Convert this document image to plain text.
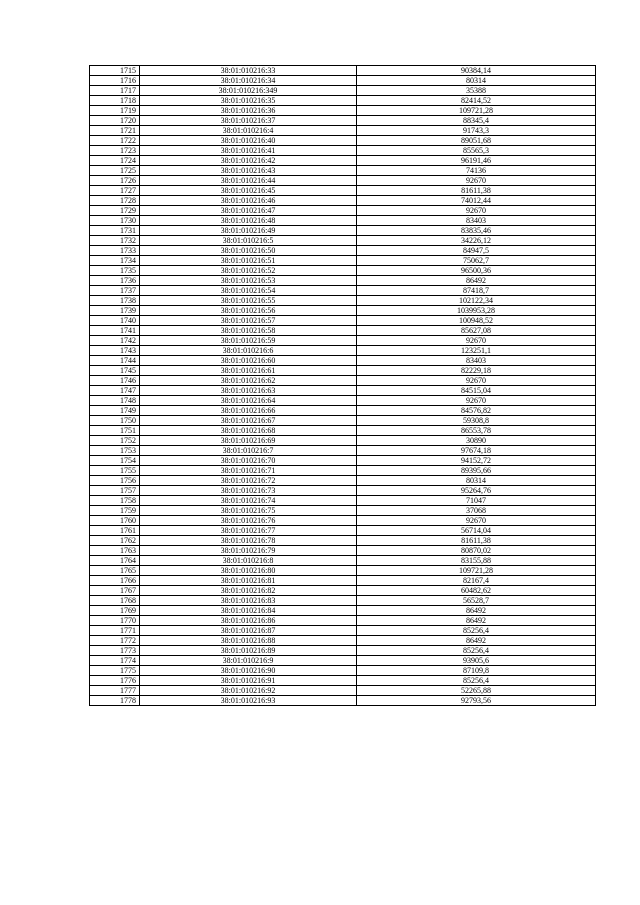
1715	38:01:010216:33	90384,14
1716	38:01:010216:34	80314
1717	38:01:010216:349	35388
1718	38:01:010216:35	82414,52
1719	38:01:010216:36	109721,28
1720	38:01:010216:37	88345,4
1721	38:01:010216:4	91743,3
1722	38:01:010216:40	89051,68
1723	38:01:010216:41	85565,3
1724	38:01:010216:42	96191,46
1725	38:01:010216:43	74136
1726	38:01:010216:44	92670
1727	38:01:010216:45	81611,38
1728	38:01:010216:46	74012,44
1729	38:01:010216:47	92670
1730	38:01:010216:48	83403
1731	38:01:010216:49	83835,46
1732	38:01:010216:5	34226,12
1733	38:01:010216:50	84947,5
1734	38:01:010216:51	75062,7
1735	38:01:010216:52	96500,36
1736	38:01:010216:53	86492
1737	38:01:010216:54	87418,7
1738	38:01:010216:55	102122,34
1739	38:01:010216:56	1039953,28
1740	38:01:010216:57	100948,52
1741	38:01:010216:58	85627,08
1742	38:01:010216:59	92670
1743	38:01:010216:6	123251,1
1744	38:01:010216:60	83403
1745	38:01:010216:61	82229,18
1746	38:01:010216:62	92670
1747	38:01:010216:63	84515,04
1748	38:01:010216:64	92670
1749	38:01:010216:66	84576,82
1750	38:01:010216:67	59308,8
1751	38:01:010216:68	86553,78
1752	38:01:010216:69	30890
1753	38:01:010216:7	97674,18
1754	38:01:010216:70	94152,72
1755	38:01:010216:71	89395,66
1756	38:01:010216:72	80314
1757	38:01:010216:73	95264,76
1758	38:01:010216:74	71047
1759	38:01:010216:75	37068
1760	38:01:010216:76	92670
1761	38:01:010216:77	56714,04
1762	38:01:010216:78	81611,38
1763	38:01:010216:79	80870,02
1764	38:01:010216:8	83155,88
1765	38:01:010216:80	109721,28
1766	38:01:010216:81	82167,4
1767	38:01:010216:82	60482,62
1768	38:01:010216:83	56528,7
1769	38:01:010216:84	86492
1770	38:01:010216:86	86492
1771	38:01:010216:87	85256,4
1772	38:01:010216:88	86492
1773	38:01:010216:89	85256,4
1774	38:01:010216:9	93905,6
1775	38:01:010216:90	87109,8
1776	38:01:010216:91	85256,4
1777	38:01:010216:92	52265,88
1778	38:01:010216:93	92793,56
